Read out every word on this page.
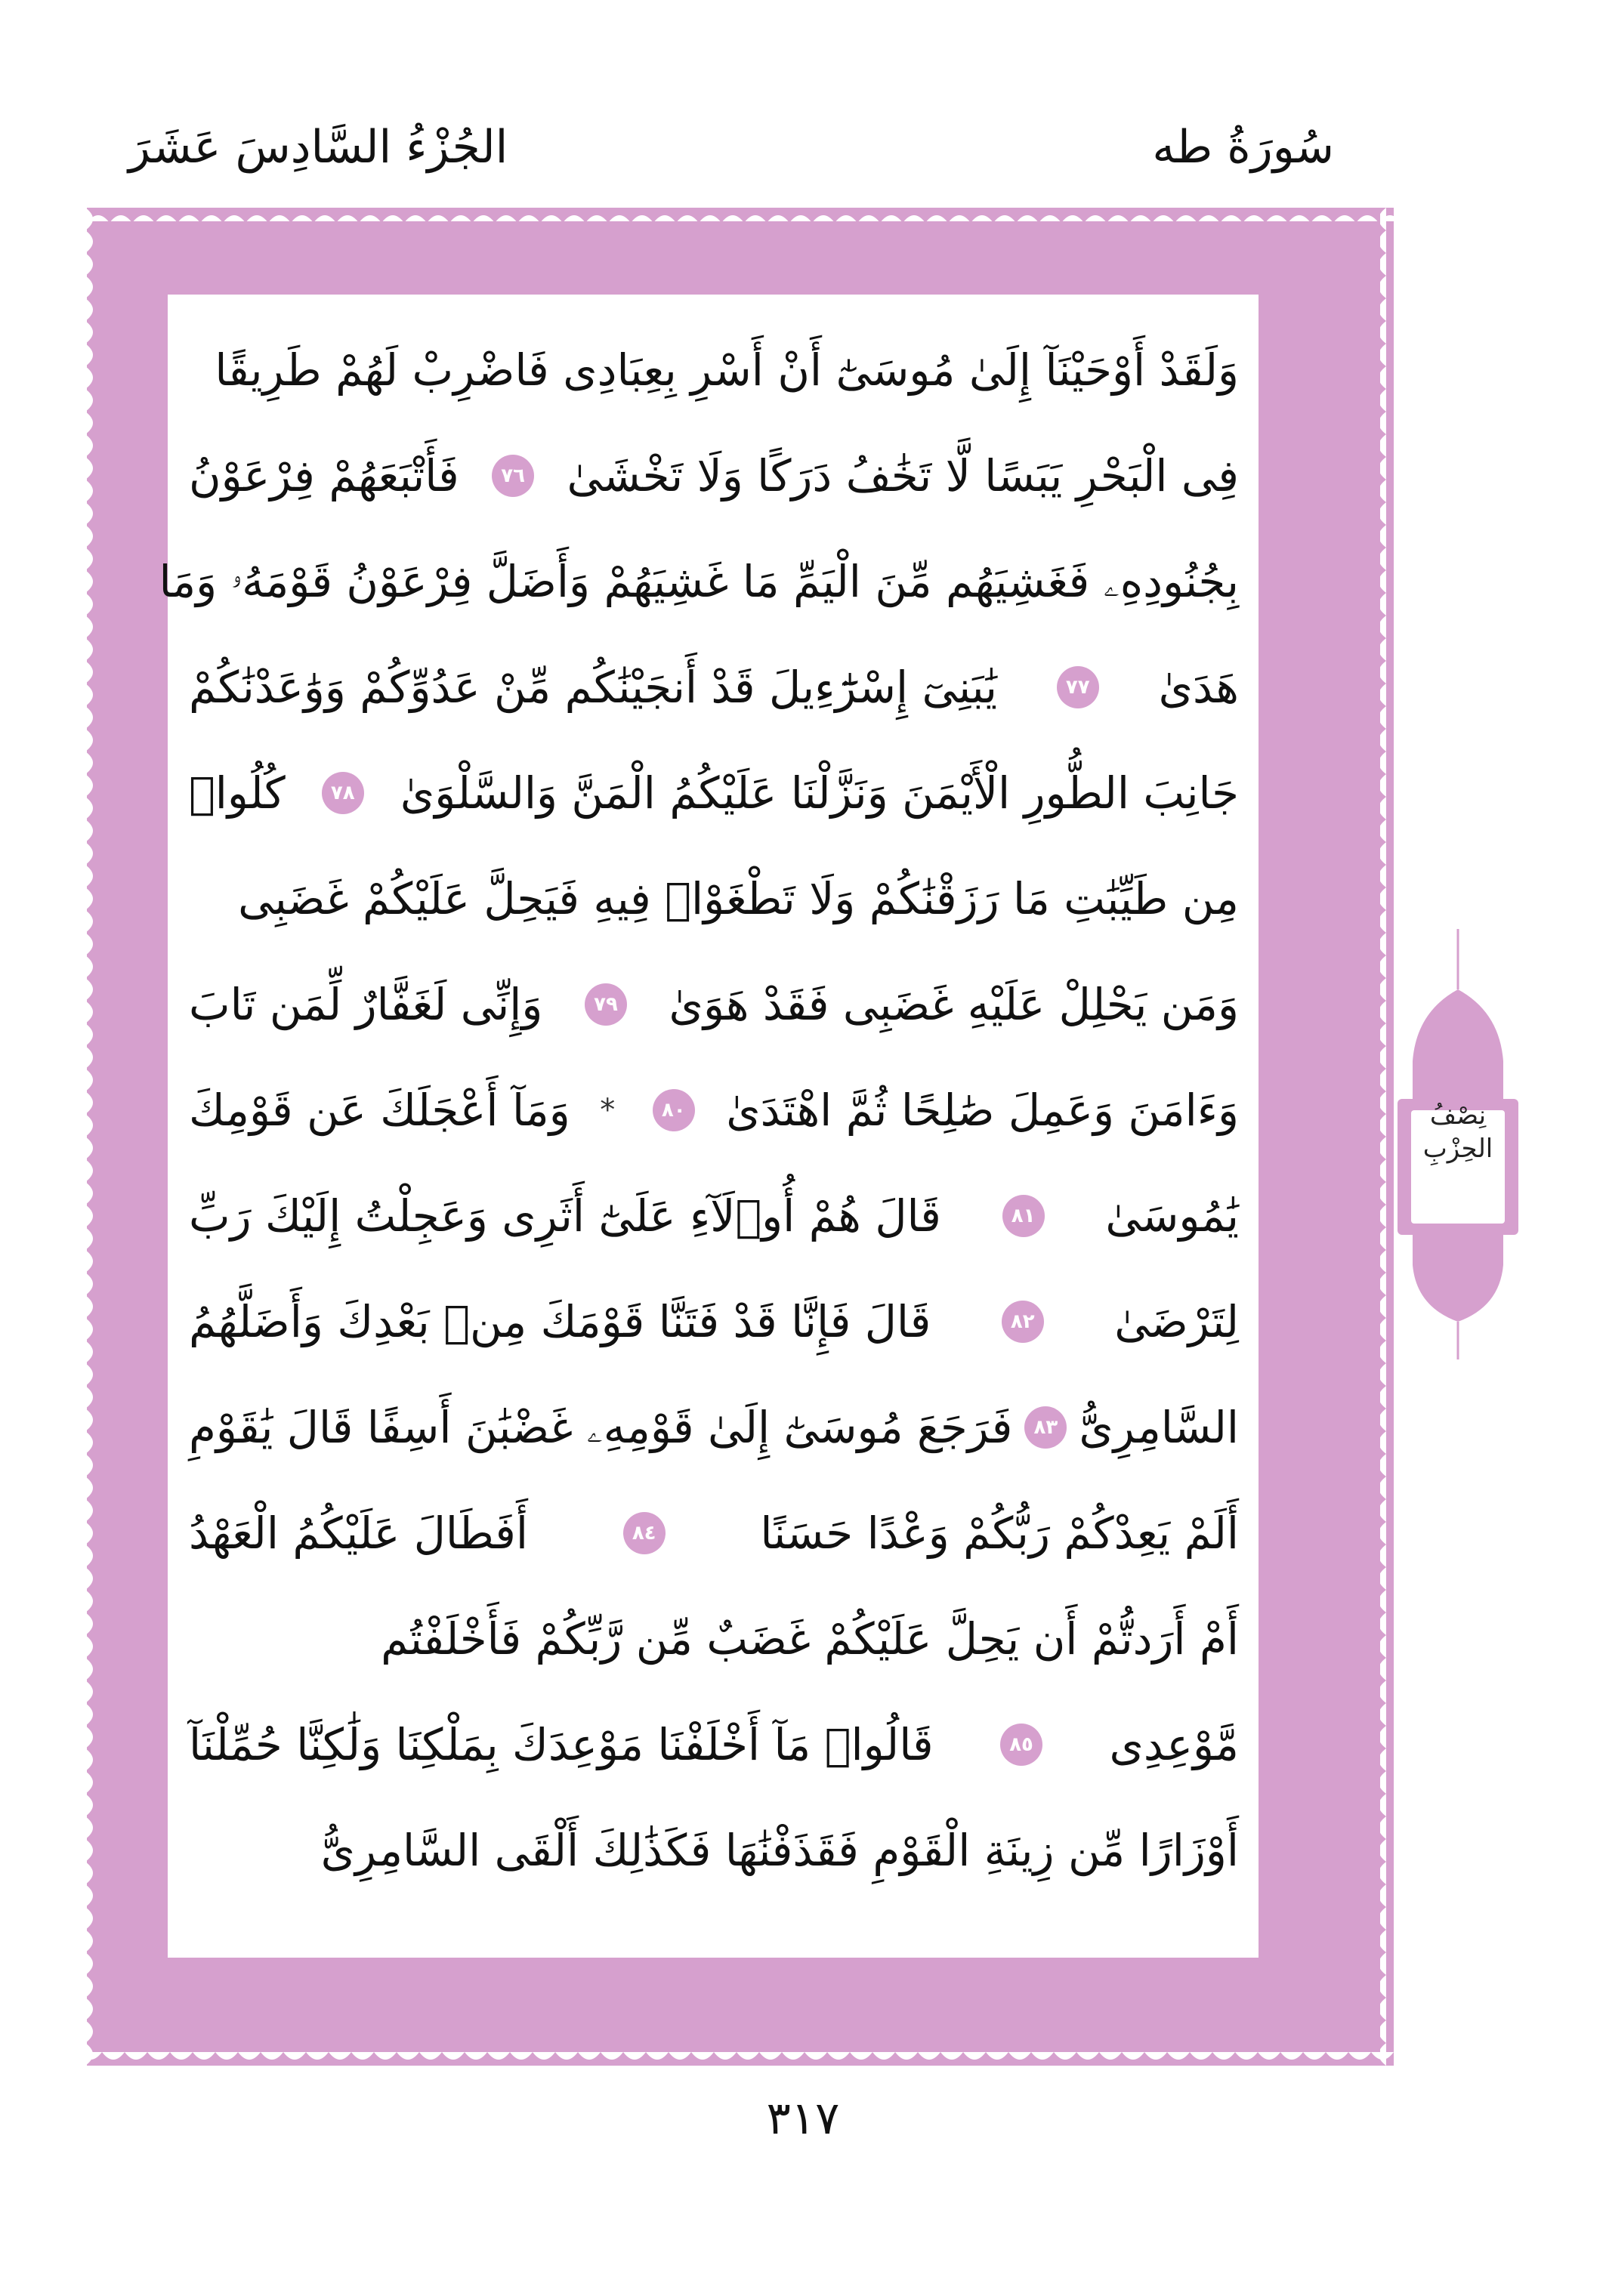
سُورَةُ طه
الجُزْءُ السَّادِسَ عَشَرَ
وَلَقَدْ أَوْحَيْنَآ إِلَىٰ مُوسَىٰٓ أَنْ أَسْرِ بِعِبَادِى فَاضْرِبْ لَهُمْ طَرِيقًا
فِى الْبَحْرِ يَبَسًا لَّا تَخَٰفُ دَرَكًا وَلَا تَخْشَىٰ
٧٦
فَأَتْبَعَهُمْ فِرْعَوْنُ
بِجُنُودِهِۦ فَغَشِيَهُم مِّنَ الْيَمِّ مَا غَشِيَهُمْ وَأَضَلَّ فِرْعَوْنُ قَوْمَهُۥ وَمَا
هَدَىٰ
٧٧
يَٰبَنِىٓ إِسْرَٰٓءِيلَ قَدْ أَنجَيْنَٰكُم مِّنْ عَدُوِّكُمْ وَوَٰعَدْنَٰكُمْ
جَانِبَ الطُّورِ الْأَيْمَنَ وَنَزَّلْنَا عَلَيْكُمُ الْمَنَّ وَالسَّلْوَىٰ
٧٨
كُلُوا۟
مِن طَيِّبَٰتِ مَا رَزَقْنَٰكُمْ وَلَا تَطْغَوْا۟ فِيهِ فَيَحِلَّ عَلَيْكُمْ غَضَبِى
وَمَن يَحْلِلْ عَلَيْهِ غَضَبِى فَقَدْ هَوَىٰ
٧٩
وَإِنِّى لَغَفَّارٌ لِّمَن تَابَ
وَءَامَنَ وَعَمِلَ صَٰلِحًا ثُمَّ اهْتَدَىٰ
٨٠
*
وَمَآ أَعْجَلَكَ عَن قَوْمِكَ
يَٰمُوسَىٰ
٨١
قَالَ هُمْ أُو۟لَآءِ عَلَىٰٓ أَثَرِى وَعَجِلْتُ إِلَيْكَ رَبِّ
لِتَرْضَىٰ
٨٢
قَالَ فَإِنَّا قَدْ فَتَنَّا قَوْمَكَ مِنۢ بَعْدِكَ وَأَضَلَّهُمُ
السَّامِرِىُّ
٨٣
فَرَجَعَ مُوسَىٰٓ إِلَىٰ قَوْمِهِۦ غَضْبَٰنَ أَسِفًا قَالَ يَٰقَوْمِ
أَلَمْ يَعِدْكُمْ رَبُّكُمْ وَعْدًا حَسَنًا
٨٤
أَفَطَالَ عَلَيْكُمُ الْعَهْدُ
أَمْ أَرَدتُّمْ أَن يَحِلَّ عَلَيْكُمْ غَضَبٌ مِّن رَّبِّكُمْ فَأَخْلَفْتُم
مَّوْعِدِى
٨٥
قَالُوا۟ مَآ أَخْلَفْنَا مَوْعِدَكَ بِمَلْكِنَا وَلَٰكِنَّا حُمِّلْنَآ
أَوْزَارًا مِّن زِينَةِ الْقَوْمِ فَقَذَفْنَٰهَا فَكَذَٰلِكَ أَلْقَى السَّامِرِىُّ
نِصْفُ
الحِزْبِ
٣١٧
